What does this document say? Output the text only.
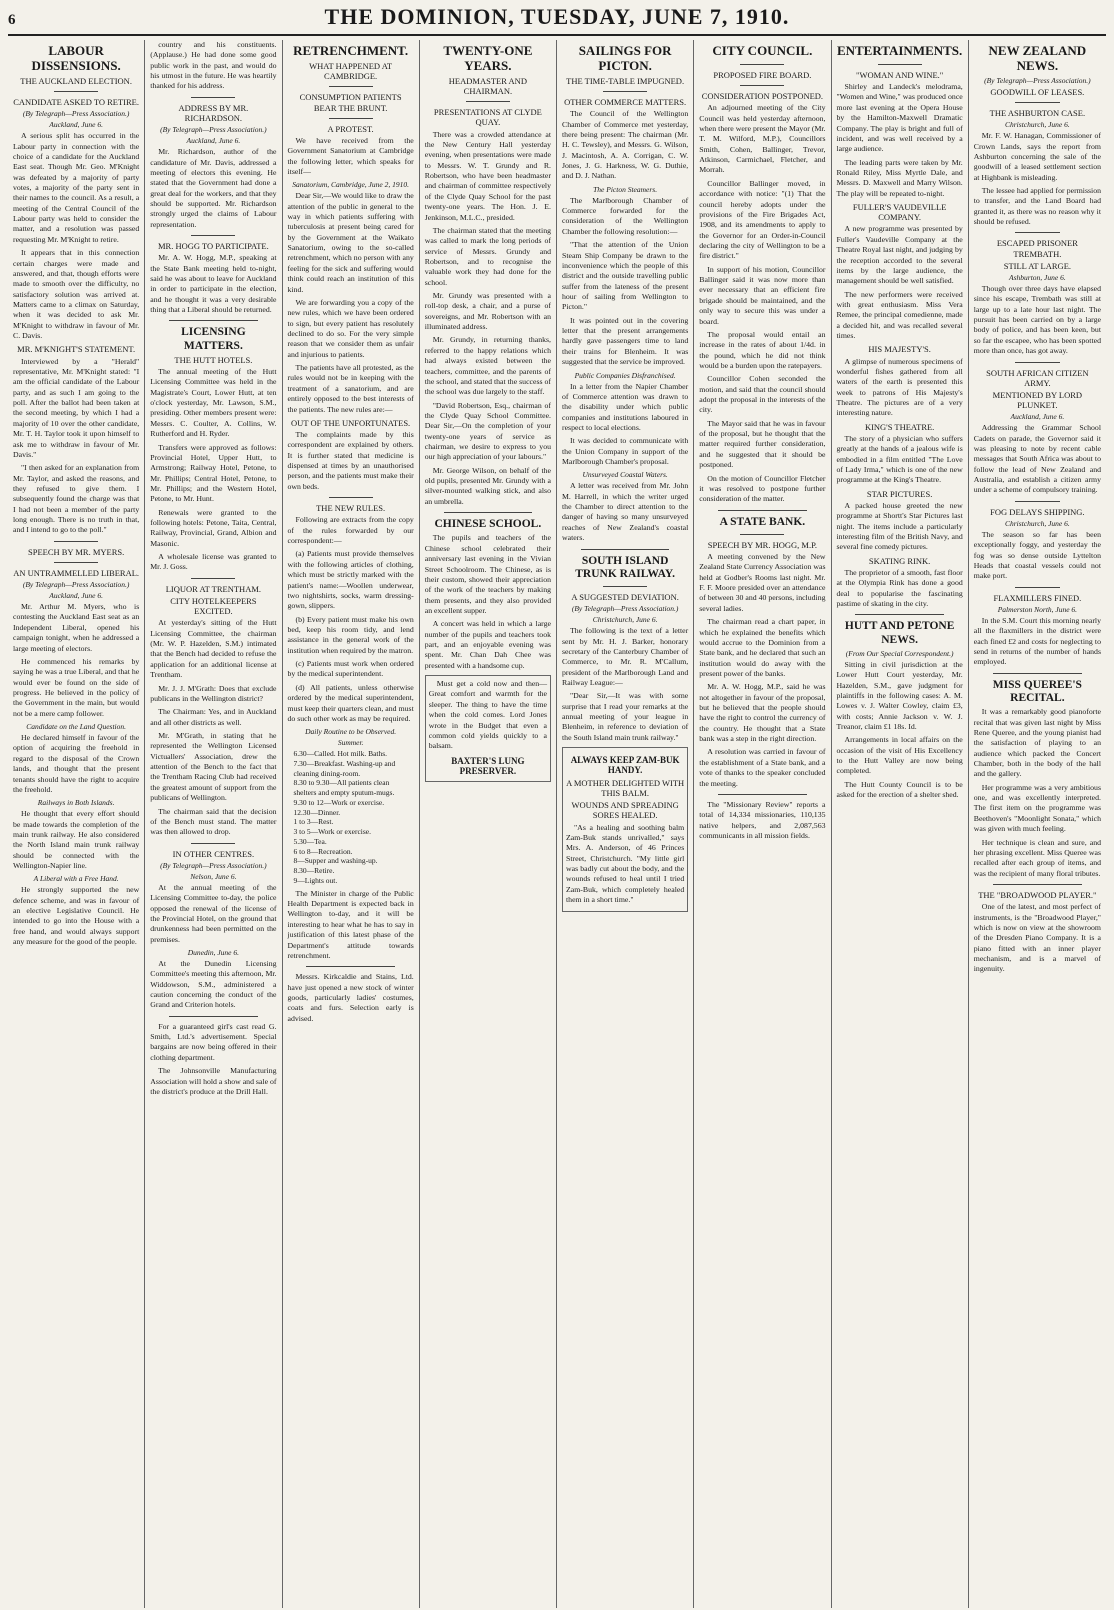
6	THE DOMINION, TUESDAY, JUNE 7, 1910.
LABOUR DISSENSIONS.
THE AUCKLAND ELECTION.
CANDIDATE ASKED TO RETIRE.
(By Telegraph—Press Association.)
Auckland, June 6.

A serious split has occurred in the Labour party in connection with the choice of a candidate for the Auckland East seat. Though Mr. Geo. M'Knight was defeated by a majority of party votes, a majority of the party sent in their names to the council. As a result, a meeting of the Central Council of the Labour party was held to consider the matter, and a resolution was passed requesting Mr. M'Knight to retire.

It appears that in this connection certain charges were made and answered, and that, though efforts were made to smooth over the difficulty, no satisfactory solution was arrived at. Matters came to a climax on Saturday, when it was decided to ask Mr. M'Knight to withdraw in favour of Mr. C. Davis.

MR. M'KNIGHT'S STATEMENT.

Interviewed by a "Herald" representative, Mr. M'Knight stated: "I am the official candidate of the Labour party, and as such I am going to the poll. After the ballot had been taken at the second meeting, by which I had a majority of 10 over the other candidate, Mr. T. H. Taylor took it upon himself to ask me to withdraw in favour of Mr. Davis."

"I then asked for an explanation from Mr. Taylor, and asked the reasons, and they refused to give them. I subsequently found the charge was that I had not been a member of the party long enough. There is no truth in that, and I intend to go to the poll."

SPEECH BY MR. MYERS.
AN UNTRAMMELLED LIBERAL.
(By Telegraph—Press Association.)
Auckland, June 6.

Mr. Arthur M. Myers, who is contesting the Auckland East seat as an Independent Liberal, opened his campaign tonight, when he addressed a large meeting of electors.

He commenced his remarks by saying he was a true Liberal, and that he would ever be found on the side of progress. He believed in the policy of the Government in the main, but would not be a mere camp follower.

Candidate on the Land Question.

He declared himself in favour of the option of acquiring the freehold in regard to the disposal of the Crown lands, and thought that the present tenants should have the right to acquire the freehold.

Railways in Both Islands.

He thought that every effort should be made towards the completion of the main trunk railway. He also considered the North Island main trunk railway should be connected with the Wellington-Napier line.

A Liberal with a Free Hand.

He strongly supported the new defence scheme, and was in favour of an elective Legislative Council. He intended to go into the House with a free hand, and would always support any measure for the good of the people.

country and his constituents. (Applause.) He had done some good public work in the past, and would do his utmost in the future. He was heartily thanked for his address.

ADDRESS BY MR. RICHARDSON.
(By Telegraph—Press Association.)
Auckland, June 6.

Mr. Richardson, author of the candidature of Mr. Davis, addressed a meeting of electors this evening. He stated that the Government had done a great deal for the workers, and that they should be supported. Mr. Richardson strongly urged the claims of Labour representation.

MR. HOGG TO PARTICIPATE.

Mr. A. W. Hogg, M.P., speaking at the State Bank meeting held to-night, said he was about to leave for Auckland in order to participate in the election, and he thought it was a very desirable thing that a Liberal should be returned.

LICENSING MATTERS.
THE HUTT HOTELS.

The annual meeting of the Hutt Licensing Committee was held in the Magistrate's Court, Lower Hutt, at ten o'clock yesterday, Mr. Lawson, S.M., presiding. Other members present were: Messrs. C. Coulter, A. Collins, W. Rutherford and H. Ryder.

Transfers were approved as follows: Provincial Hotel, Upper Hutt, to Armstrong; Railway Hotel, Petone, to Mr. Phillips; Central Hotel, Petone, to Mr. Phillips; and the Western Hotel, Petone, to Mr. Hunt.

Renewals were granted to the following hotels: Petone, Taita, Central, Railway, Provincial, Grand, Albion and Masonic.

A wholesale license was granted to Mr. J. Goss.

LIQUOR AT TRENTHAM.
CITY HOTELKEEPERS EXCITED.

At yesterday's sitting of the Hutt Licensing Committee, the chairman (Mr. W. P. Hazelden, S.M.) intimated that the Bench had decided to refuse the application for an additional license at Trentham.

Mr. J. J. M'Grath: Does that exclude publicans in the Wellington district?

The Chairman: Yes, and in Auckland and all other districts as well.

Mr. M'Grath, in stating that he represented the Wellington Licensed Victuallers' Association, drew the attention of the Bench to the fact that the Trentham Racing Club had received the greatest amount of support from the publicans of Wellington.

The chairman said that the decision of the Bench must stand. The matter was then allowed to drop.

IN OTHER CENTRES.
(By Telegraph—Press Association.)
Nelson, June 6.

At the annual meeting of the Licensing Committee to-day, the police opposed the renewal of the license of the Provincial Hotel, on the ground that drunkenness had been permitted on the premises.

Dunedin, June 6.

At the Dunedin Licensing Committee's meeting this afternoon, Mr. Widdowson, S.M., administered a caution concerning the conduct of the Grand and Criterion hotels.

For a guaranteed girl's cast read G. Smith, Ltd.'s advertisement. Special bargains are now being offered in their clothing department.

The Johnsonville Manufacturing Association will hold a show and sale of the district's produce at the Drill Hall.

RETRENCHMENT.
WHAT HAPPENED AT CAMBRIDGE.
CONSUMPTION PATIENTS BEAR THE BRUNT.
A PROTEST.

We have received from the Government Sanatorium at Cambridge the following letter, which speaks for itself—

Sanatorium, Cambridge, June 2, 1910.

Dear Sir,—We would like to draw the attention of the public in general to the way in which patients suffering with tuberculosis at present being cared for by the Government at the Waikato Sanatorium, owing to the so-called retrenchment, which no person with any feeling for the sick and suffering would think could reach an institution of this kind.

We are forwarding you a copy of the new rules, which we have been ordered to sign, but every patient has resolutely declined to do so. For the very simple reason that we consider them as unfair and injurious to patients.

The patients have all protested, as the rules would not be in keeping with the treatment of a sanatorium, and are entirely opposed to the best interests of the patients. The new rules are:—

OUT OF THE UNFORTUNATES.

The complaints made by this correspondent are explained by others. It is further stated that medicine is dispensed at times by an unauthorised person, and the patients must make their own beds.

THE NEW RULES.

Following are extracts from the copy of the rules forwarded by our correspondent:—

(a) Patients must provide themselves with the following articles of clothing, which must be strictly marked with the patient's name:—Woollen underwear, two nightshirts, socks, warm dressing-gown, slippers.

(b) Every patient must make his own bed, keep his room tidy, and lend assistance in the general work of the institution when required by the matron.

(c) Patients must work when ordered by the medical superintendent.

(d) All patients, unless otherwise ordered by the medical superintendent, must keep their quarters clean, and must do such other work as may be required.

Daily Routine to be Observed.
Summer.
6.30—Called. Hot milk. Baths.
7.30—Breakfast. Washing-up and cleaning dining-room.
8.30 to 9.30—All patients clean shelters and empty sputum-mugs.
9.30 to 12—Work or exercise.
12.30—Dinner.
1 to 3—Rest.
3 to 5—Work or exercise.
5.30—Tea.
6 to 8—Recreation.
8—Supper and washing-up.
8.30—Retire.
9—Lights out.

The Minister in charge of the Public Health Department is expected back in Wellington to-day, and it will be interesting to hear what he has to say in justification of this latest phase of the Department's attitude towards retrenchment.

Messrs. Kirkcaldie and Stains, Ltd. have just opened a new stock of winter goods, particularly ladies' costumes, coats and furs. Selection early is advised.

TWENTY-ONE YEARS.
HEADMASTER AND CHAIRMAN.
PRESENTATIONS AT CLYDE QUAY.

There was a crowded attendance at the New Century Hall yesterday evening, when presentations were made to Messrs. W. T. Grundy and R. Robertson, who have been headmaster and chairman of committee respectively of the Clyde Quay School for the past twenty-one years. The Hon. J. E. Jenkinson, M.L.C., presided.

The chairman stated that the meeting was called to mark the long periods of service of Messrs. Grundy and Robertson, and to recognise the valuable work they had done for the school.

Mr. Grundy was presented with a roll-top desk, a chair, and a purse of sovereigns, and Mr. Robertson with an illuminated address.

Mr. Grundy, in returning thanks, referred to the happy relations which had always existed between the teachers, committee, and the parents of the school, and stated that the success of the school was due largely to the staff.

"David Robertson, Esq., chairman of the Clyde Quay School Committee. Dear Sir,—On the completion of your twenty-one years of service as chairman, we desire to express to you our high appreciation of your labours."

Mr. George Wilson, on behalf of the old pupils, presented Mr. Grundy with a silver-mounted walking stick, and also an umbrella.

CHINESE SCHOOL.

The pupils and teachers of the Chinese school celebrated their anniversary last evening in the Vivian Street Schoolroom. The Chinese, as is their custom, showed their appreciation of the work of the teachers by making them presents, and they also provided an excellent supper.

A concert was held in which a large number of the pupils and teachers took part, and an enjoyable evening was spent. Mr. Chan Dah Chee was presented with a handsome cup.

Must get a cold now and then—Great comfort and warmth for the sleeper. The thing to have the time when the cold comes. Lord Jones wrote in the Budget that even a common cold yields quickly to a balsam.

BAXTER'S LUNG PRESERVER.
SAILINGS FOR PICTON.
THE TIME-TABLE IMPUGNED.
OTHER COMMERCE MATTERS.

The Council of the Wellington Chamber of Commerce met yesterday, there being present: The chairman (Mr. H. C. Tewsley), and Messrs. G. Wilson, J. Macintosh, A. A. Corrigan, C. W. Jones, J. G. Harkness, W. G. Duthie, and D. J. Nathan.

The Picton Steamers.

The Marlborough Chamber of Commerce forwarded for the consideration of the Wellington Chamber the following resolution:—

"That the attention of the Union Steam Ship Company be drawn to the inconvenience which the people of this district and the outside travelling public suffer from the lateness of the present hour of sailing from Wellington to Picton."

It was pointed out in the covering letter that the present arrangements hardly gave passengers time to land their trains for Blenheim. It was suggested that the service be improved.

Public Companies Disfranchised.

In a letter from the Napier Chamber of Commerce attention was drawn to the disability under which public companies and institutions laboured in respect to local elections.

It was decided to communicate with the Union Company in support of the Marlborough Chamber's proposal.

Unsurveyed Coastal Waters.

A letter was received from Mr. John M. Harrell, in which the writer urged the Chamber to direct attention to the danger of having so many unsurveyed reaches of New Zealand's coastal waters.

SOUTH ISLAND TRUNK RAILWAY.
A SUGGESTED DEVIATION.
(By Telegraph—Press Association.)
Christchurch, June 6.

The following is the text of a letter sent by Mr. H. J. Barker, honorary secretary of the Canterbury Chamber of Commerce, to Mr. R. M'Callum, president of the Marlborough Land and Railway League:—

"Dear Sir,—It was with some surprise that I read your remarks at the annual meeting of your league in Blenheim, in reference to deviation of the South Island main trunk railway."

ALWAYS KEEP ZAM-BUK HANDY.
A MOTHER DELIGHTED WITH THIS BALM.
WOUNDS AND SPREADING SORES HEALED.

"As a healing and soothing balm Zam-Buk stands unrivalled," says Mrs. A. Anderson, of 46 Princes Street, Christchurch. "My little girl was badly cut about the body, and the wounds refused to heal until I tried Zam-Buk, which completely healed them in a short time."

CITY COUNCIL.
PROPOSED FIRE BOARD.
CONSIDERATION POSTPONED.

An adjourned meeting of the City Council was held yesterday afternoon, when there were present the Mayor (Mr. T. M. Wilford, M.P.), Councillors Smith, Cohen, Ballinger, Trevor, Atkinson, Carmichael, Fletcher, and Morrah.

Councillor Ballinger moved, in accordance with notice: "(1) That the council hereby adopts under the provisions of the Fire Brigades Act, 1908, and its amendments to apply to the Governor for an Order-in-Council declaring the city of Wellington to be a fire district."

In support of his motion, Councillor Ballinger said it was now more than ever necessary that an efficient fire brigade should be maintained, and the only way to secure this was under a board.

The proposal would entail an increase in the rates of about 1/4d. in the pound, which he did not think would be a burden upon the ratepayers.

Councillor Cohen seconded the motion, and said that the council should adopt the proposal in the interests of the city.

The Mayor said that he was in favour of the proposal, but he thought that the matter required further consideration, and he suggested that it should be postponed.

On the motion of Councillor Fletcher it was resolved to postpone further consideration of the matter.

A STATE BANK.
SPEECH BY MR. HOGG, M.P.

A meeting convened by the New Zealand State Currency Association was held at Godber's Rooms last night. Mr. F. F. Moore presided over an attendance of between 30 and 40 persons, including several ladies.

The chairman read a chart paper, in which he explained the benefits which would accrue to the Dominion from a State bank, and he declared that such an institution would do away with the present power of the banks.

Mr. A. W. Hogg, M.P., said he was not altogether in favour of the proposal, but he believed that the people should have the right to control the currency of the country. He thought that a State bank was a step in the right direction.

A resolution was carried in favour of the establishment of a State bank, and a vote of thanks to the speaker concluded the meeting.

The "Missionary Review" reports a total of 14,334 missionaries, 110,135 native helpers, and 2,087,563 communicants in all mission fields.

ENTERTAINMENTS.
"WOMAN AND WINE."

Shirley and Landeck's melodrama, "Women and Wine," was produced once more last evening at the Opera House by the Hamilton-Maxwell Dramatic Company. The play is bright and full of incident, and was well received by a large audience.

The leading parts were taken by Mr. Ronald Riley, Miss Myrtle Dale, and Messrs. D. Maxwell and Marry Wilson. The play will be repeated to-night.

FULLER'S VAUDEVILLE COMPANY.

A new programme was presented by Fuller's Vaudeville Company at the Theatre Royal last night, and judging by the reception accorded to the several items by the large audience, the management should be well satisfied.

The new performers were received with great enthusiasm. Miss Vera Remee, the principal comedienne, made a decided hit, and was recalled several times.

HIS MAJESTY'S.

A glimpse of numerous specimens of wonderful fishes gathered from all waters of the earth is presented this week to patrons of His Majesty's Theatre. The pictures are of a very interesting nature.

KING'S THEATRE.

The story of a physician who suffers greatly at the hands of a jealous wife is embodied in a film entitled "The Love of Lady Irma," which is one of the new programme at the King's Theatre.

STAR PICTURES.

A packed house greeted the new programme at Shortt's Star Pictures last night. The items include a particularly interesting film of the British Navy, and several fine comedy pictures.

SKATING RINK.

The proprietor of a smooth, fast floor at the Olympia Rink has done a good deal to popularise the fascinating pastime of skating in the city.

HUTT AND PETONE NEWS.
(From Our Special Correspondent.)

Sitting in civil jurisdiction at the Lower Hutt Court yesterday, Mr. Hazelden, S.M., gave judgment for plaintiffs in the following cases: A. M. Lowes v. J. Walter Cowley, claim £3, with costs; Annie Jackson v. W. J. Treanor, claim £1 18s. Id.

Arrangements in local affairs on the occasion of the visit of His Excellency to the Hutt Valley are now being completed.

The Hutt County Council is to be asked for the erection of a shelter shed.

NEW ZEALAND NEWS.
(By Telegraph—Press Association.)
GOODWILL OF LEASES.
THE ASHBURTON CASE.
Christchurch, June 6.

Mr. F. W. Hanagan, Commissioner of Crown Lands, says the report from Ashburton concerning the sale of the goodwill of a leased settlement section at Highbank is misleading.

The lessee had applied for permission to transfer, and the Land Board had granted it, as there was no reason why it should be refused.

ESCAPED PRISONER TREMBATH.
STILL AT LARGE.
Ashburton, June 6.

Though over three days have elapsed since his escape, Trembath was still at large up to a late hour last night. The pursuit has been carried on by a large body of police, and has been keen, but so far the escapee, who has been spotted more than once, has got away.

SOUTH AFRICAN CITIZEN ARMY.
MENTIONED BY LORD PLUNKET.
Auckland, June 6.

Addressing the Grammar School Cadets on parade, the Governor said it was pleasing to note by recent cable messages that South Africa was about to follow the lead of New Zealand and Australia, and establish a citizen army under a scheme of compulsory training.

FOG DELAYS SHIPPING.
Christchurch, June 6.

The season so far has been exceptionally foggy, and yesterday the fog was so dense outside Lyttelton Heads that coastal vessels could not make port.

FLAXMILLERS FINED.
Palmerston North, June 6.

In the S.M. Court this morning nearly all the flaxmillers in the district were each fined £2 and costs for neglecting to send in returns of the number of hands employed.

MISS QUEREE'S RECITAL.

It was a remarkably good pianoforte recital that was given last night by Miss Rene Queree, and the young pianist had the satisfaction of playing to an audience which packed the Concert Chamber, both in the body of the hall and the gallery.

Her programme was a very ambitious one, and was excellently interpreted. The first item on the programme was Beethoven's "Moonlight Sonata," which was given with much feeling.

Her technique is clean and sure, and her phrasing excellent. Miss Queree was recalled after each group of items, and was the recipient of many floral tributes.

THE "BROADWOOD PLAYER."

One of the latest, and most perfect of instruments, is the "Broadwood Player," which is now on view at the showroom of the Dresden Piano Company. It is a piano fitted with an inner player mechanism, and is a marvel of ingenuity.
